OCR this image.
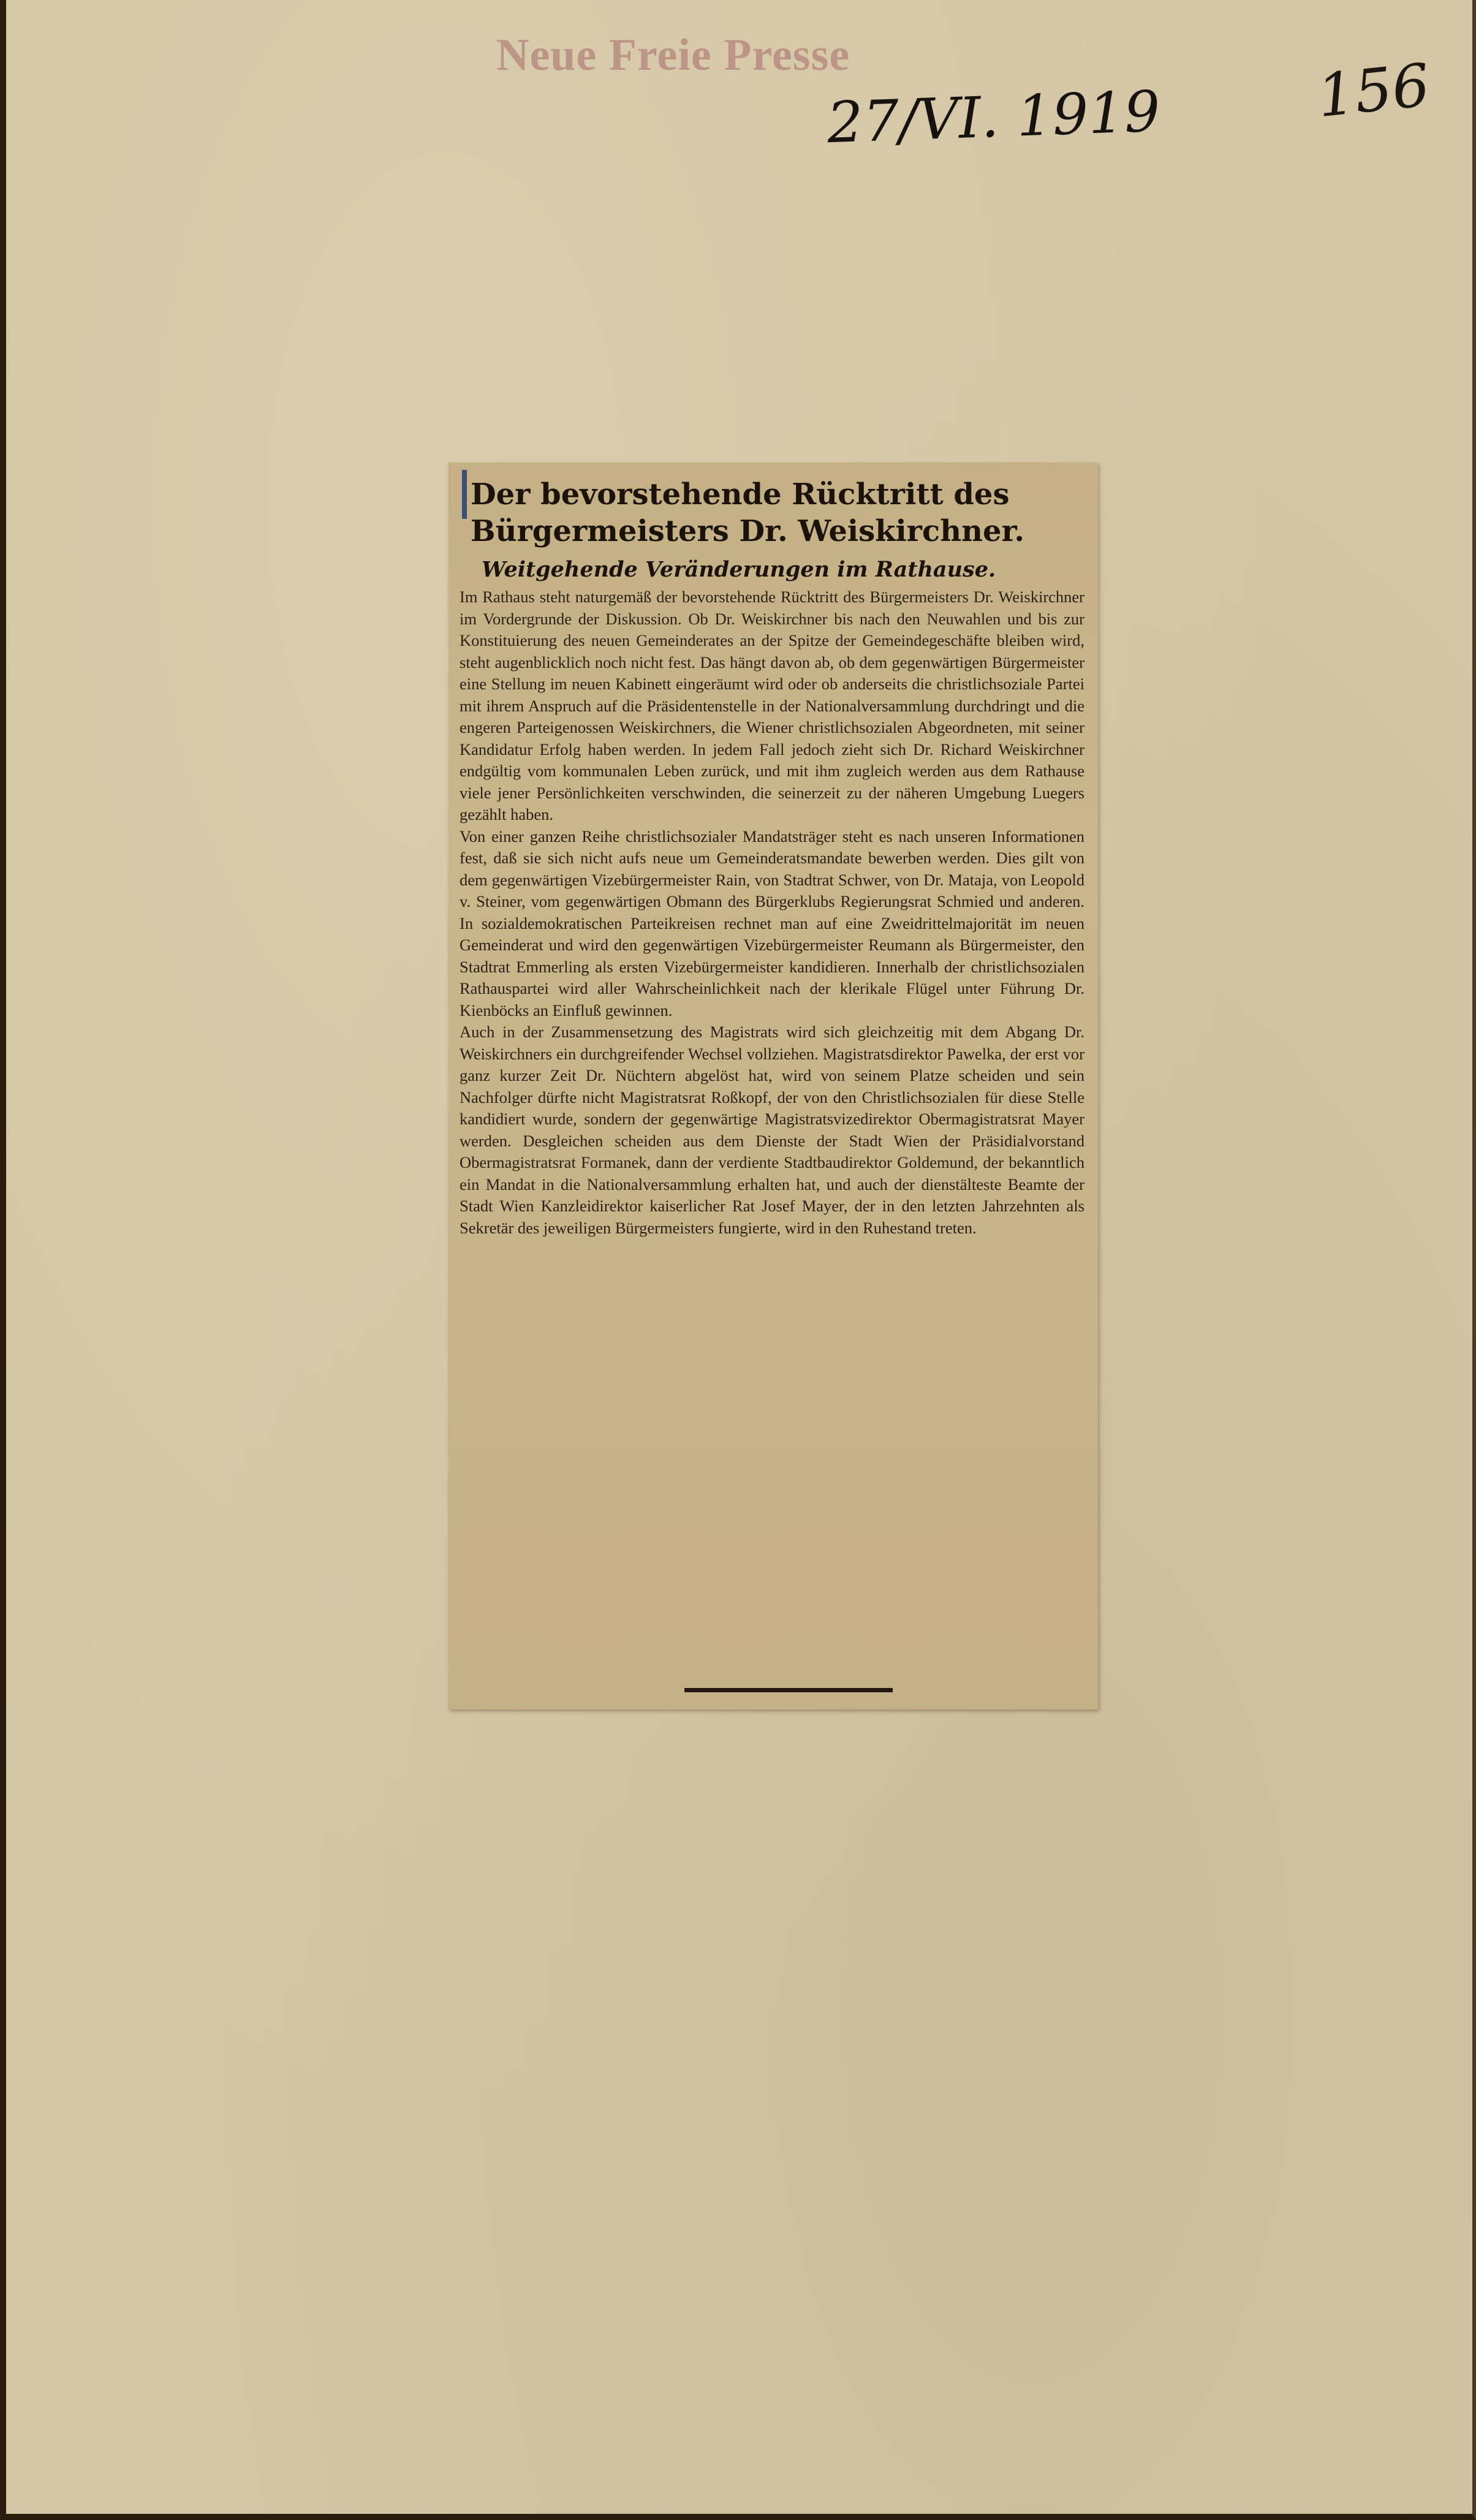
Neue Freie Presse
27/VI. 1919	156
Der bevorstehende Rücktritt des Bürgermeisters Dr. Weiskirchner.
Weitgehende Veränderungen im Rathause.

Im Rathaus steht naturgemäß der bevorstehende Rücktritt des Bürgermeisters Dr. Weiskirchner im Vordergrunde der Diskussion. Ob Dr. Weiskirchner bis nach den Neuwahlen und bis zur Konstituierung des neuen Gemeinderates an der Spitze der Gemeindegeschäfte bleiben wird, steht augenblicklich noch nicht fest. Das hängt davon ab, ob dem gegenwärtigen Bürgermeister eine Stellung im neuen Kabinett eingeräumt wird oder ob anderseits die christlichsoziale Partei mit ihrem Anspruch auf die Präsidentenstelle in der Nationalversammlung durchdringt und die engeren Parteigenossen Weiskirchners, die Wiener christlichsozialen Abgeordneten, mit seiner Kandidatur Erfolg haben werden. In jedem Fall jedoch zieht sich Dr. Richard Weiskirchner endgültig vom kommunalen Leben zurück, und mit ihm zugleich werden aus dem Rathause viele jener Persönlichkeiten verschwinden, die seinerzeit zu der näheren Umgebung Luegers gezählt haben.

Von einer ganzen Reihe christlichsozialer Mandatsträger steht es nach unseren Informationen fest, daß sie sich nicht aufs neue um Gemeinderatsmandate bewerben werden. Dies gilt von dem gegenwärtigen Vizebürgermeister Rain, von Stadtrat Schwer, von Dr. Mataja, von Leopold v. Steiner, vom gegenwärtigen Obmann des Bürgerklubs Regierungsrat Schmied und anderen. In sozialdemokratischen Parteikreisen rechnet man auf eine Zweidrittelmajorität im neuen Gemeinderat und wird den gegenwärtigen Vizebürgermeister Reumann als Bürgermeister, den Stadtrat Emmerling als ersten Vizebürgermeister kandidieren. Innerhalb der christlichsozialen Rathauspartei wird aller Wahrscheinlichkeit nach der klerikale Flügel unter Führung Dr. Kienböcks an Einfluß gewinnen.

Auch in der Zusammensetzung des Magistrats wird sich gleichzeitig mit dem Abgang Dr. Weiskirchners ein durchgreifender Wechsel vollziehen. Magistratsdirektor Pawelka, der erst vor ganz kurzer Zeit Dr. Nüchtern abgelöst hat, wird von seinem Platze scheiden und sein Nachfolger dürfte nicht Magistratsrat Roßkopf, der von den Christlichsozialen für diese Stelle kandidiert wurde, sondern der gegenwärtige Magistratsvizedirektor Obermagistratsrat Mayer werden. Desgleichen scheiden aus dem Dienste der Stadt Wien der Präsidialvorstand Obermagistratsrat Formanek, dann der verdiente Stadtbaudirektor Goldemund, der bekanntlich ein Mandat in die Nationalversammlung erhalten hat, und auch der dienstälteste Beamte der Stadt Wien Kanzleidirektor kaiserlicher Rat Josef Mayer, der in den letzten Jahrzehnten als Sekretär des jeweiligen Bürgermeisters fungierte, wird in den Ruhestand treten.
